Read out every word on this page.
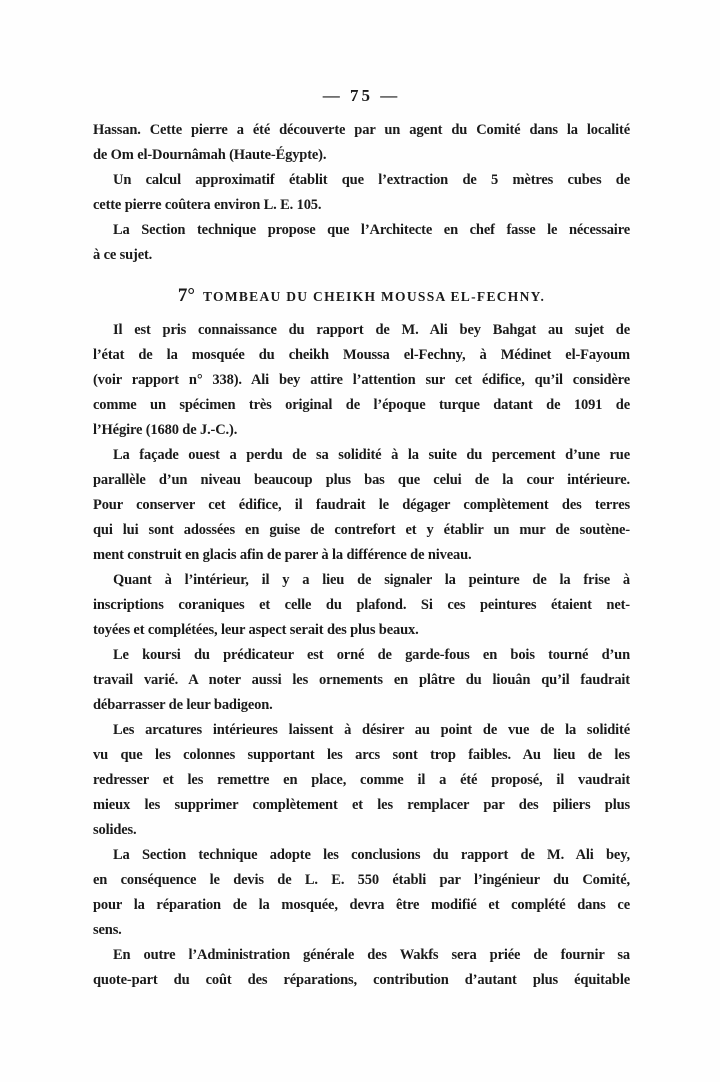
— 75 —
Hassan. Cette pierre a été découverte par un agent du Comité dans la localité
de Om el-Dournâmah (Haute-Égypte).
Un calcul approximatif établit que l’extraction de 5 mètres cubes de
cette pierre coûtera environ L. E. 105.
La Section technique propose que l’Architecte en chef fasse le nécessaire
à ce sujet.
7°  TOMBEAU DU CHEIKH MOUSSA EL-FECHNY.
Il est pris connaissance du rapport de M. Ali bey Bahgat au sujet de
l’état de la mosquée du cheikh Moussa el-Fechny, à Médinet el-Fayoum
(voir rapport n° 338). Ali bey attire l’attention sur cet édifice, qu’il considère
comme un spécimen très original de l’époque turque datant de 1091 de
l’Hégire (1680 de J.-C.).
La façade ouest a perdu de sa solidité à la suite du percement d’une rue
parallèle d’un niveau beaucoup plus bas que celui de la cour intérieure.
Pour conserver cet édifice, il faudrait le dégager complètement des terres
qui lui sont adossées en guise de contrefort et y établir un mur de soutène-
ment construit en glacis afin de parer à la différence de niveau.
Quant à l’intérieur, il y a lieu de signaler la peinture de la frise à
inscriptions coraniques et celle du plafond. Si ces peintures étaient net-
toyées et complétées, leur aspect serait des plus beaux.
Le koursi du prédicateur est orné de garde-fous en bois tourné d’un
travail varié. A noter aussi les ornements en plâtre du liouân qu’il faudrait
débarrasser de leur badigeon.
Les arcatures intérieures laissent à désirer au point de vue de la solidité
vu que les colonnes supportant les arcs sont trop faibles. Au lieu de les
redresser et les remettre en place, comme il a été proposé, il vaudrait
mieux les supprimer complètement et les remplacer par des piliers plus
solides.
La Section technique adopte les conclusions du rapport de M. Ali bey,
en conséquence le devis de L. E. 550 établi par l’ingénieur du Comité,
pour la réparation de la mosquée, devra être modifié et complété dans ce
sens.
En outre l’Administration générale des Wakfs sera priée de fournir sa
quote-part du coût des réparations, contribution d’autant plus équitable
